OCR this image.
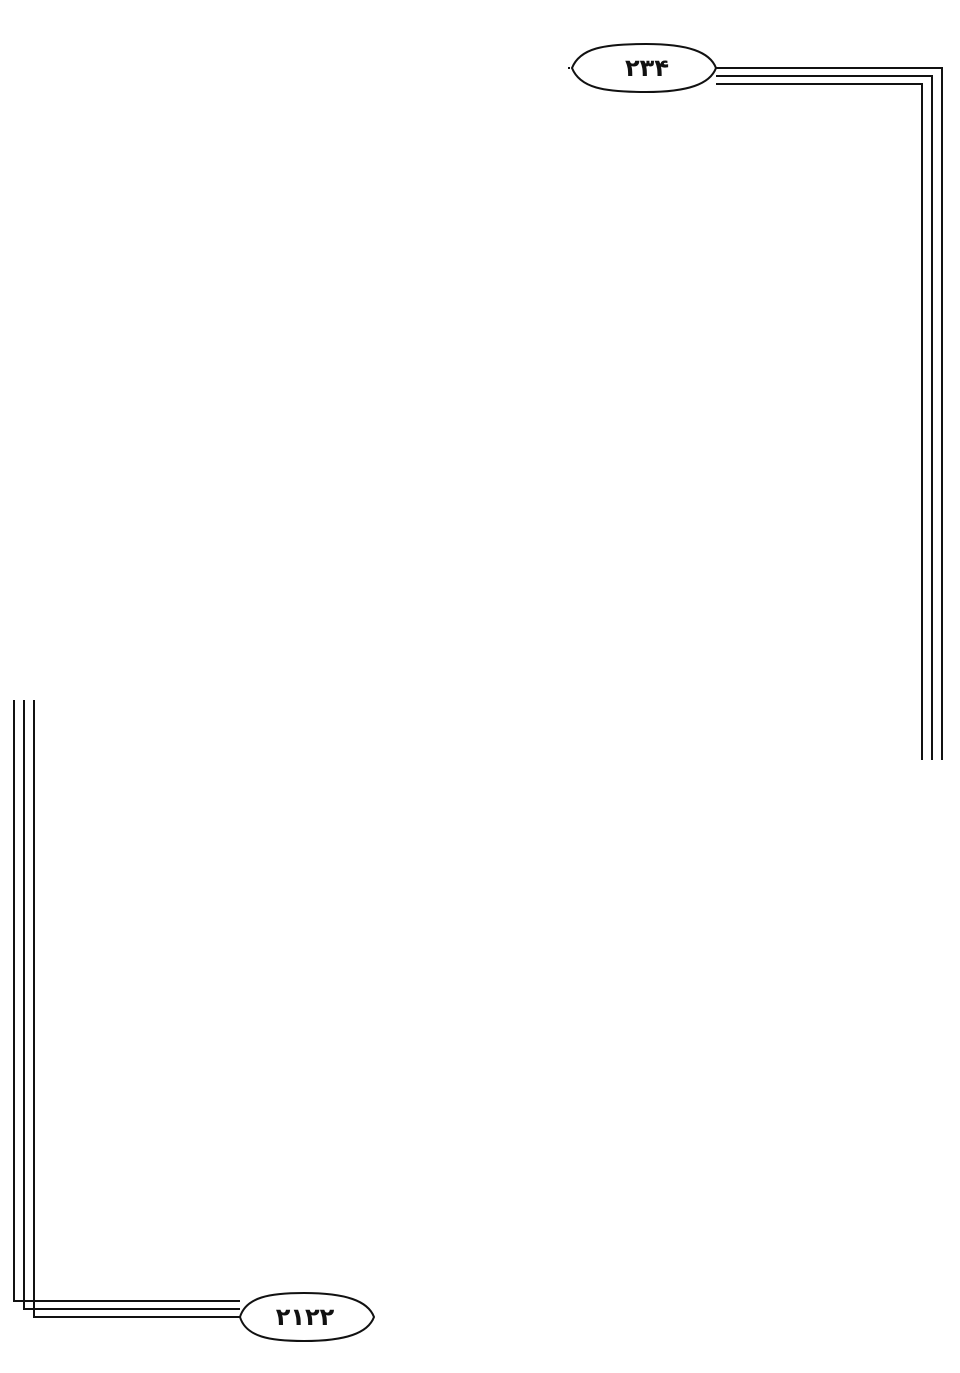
۲۳۴
۲۱۲۲
